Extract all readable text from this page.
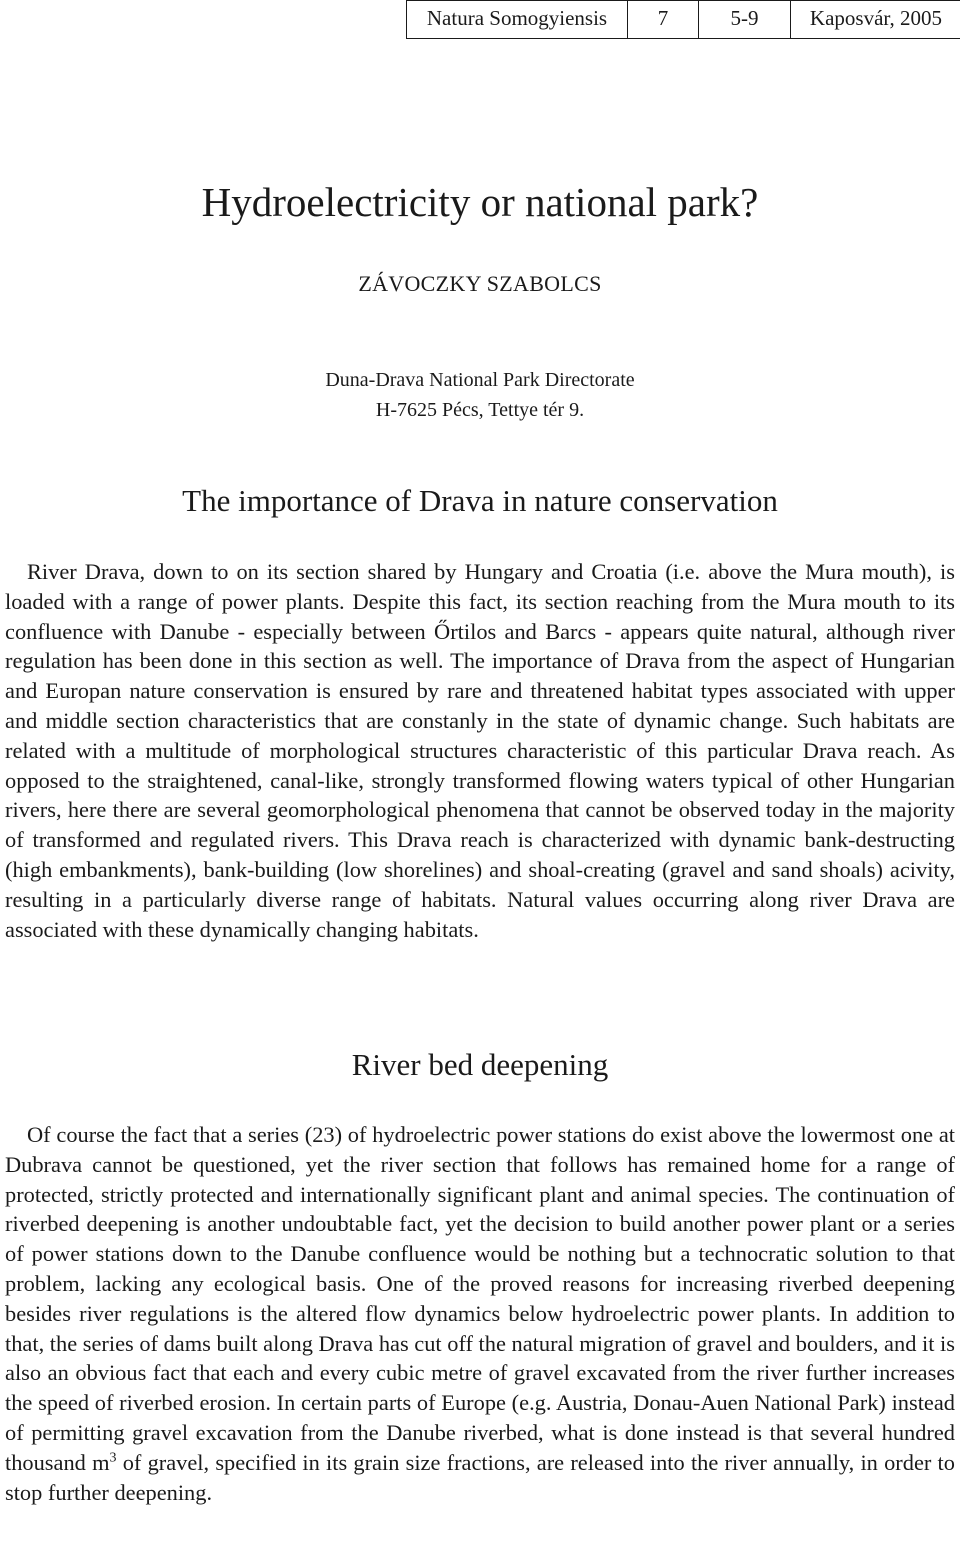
Natura Somogyiensis	7	5-9	Kaposvár, 2005
Hydroelectricity or national park?
ZÁVOCZKY SZABOLCS
Duna-Drava National Park Directorate
H-7625 Pécs, Tettye tér 9.
The importance of Drava in nature conservation

River Drava, down to on its section shared by Hungary and Croatia (i.e. above the Mura mouth), is loaded with a range of power plants. Despite this fact, its section reaching from the Mura mouth to its confluence with Danube - especially between Őrtilos and Barcs - appears quite natural, although river regulation has been done in this section as well. The importance of Drava from the aspect of Hungarian and Europan nature conservation is ensured by rare and threatened habitat types associated with upper and middle section characteristics that are constanly in the state of dynamic change. Such habitats are related with a multitude of morphological structures characteristic of this particular Drava reach. As opposed to the straightened, canal-like, strongly transformed flowing waters typical of other Hungarian rivers, here there are several geomorphological phenomena that cannot be observed today in the majority of transformed and regulated rivers. This Drava reach is characterized with dynamic bank-destructing (high embankments), bank-building (low shorelines) and shoal-creating (gravel and sand shoals) acivity, resulting in a particularly diverse range of habitats. Natural values occurring along river Drava are associated with these dynamically changing habitats.

River bed deepening

Of course the fact that a series (23) of hydroelectric power stations do exist above the lowermost one at Dubrava cannot be questioned, yet the river section that follows has remained home for a range of protected, strictly protected and internationally significant plant and animal species. The continuation of riverbed deepening is another undoubtable fact, yet the decision to build another power plant or a series of power stations down to the Danube confluence would be nothing but a technocratic solution to that problem, lacking any ecological basis. One of the proved reasons for increasing riverbed deepening besides river regulations is the altered flow dynamics below hydroelectric power plants. In addition to that, the series of dams built along Drava has cut off the natural migration of gravel and boulders, and it is also an obvious fact that each and every cubic metre of gravel excavated from the river further increases the speed of riverbed erosion. In certain parts of Europe (e.g. Austria, Donau-Auen National Park) instead of permitting gravel excavation from the Danube riverbed, what is done instead is that several hundred thousand $m^3$ of gravel, specified in its grain size fractions, are released into the river annually, in order to stop further deepening.
